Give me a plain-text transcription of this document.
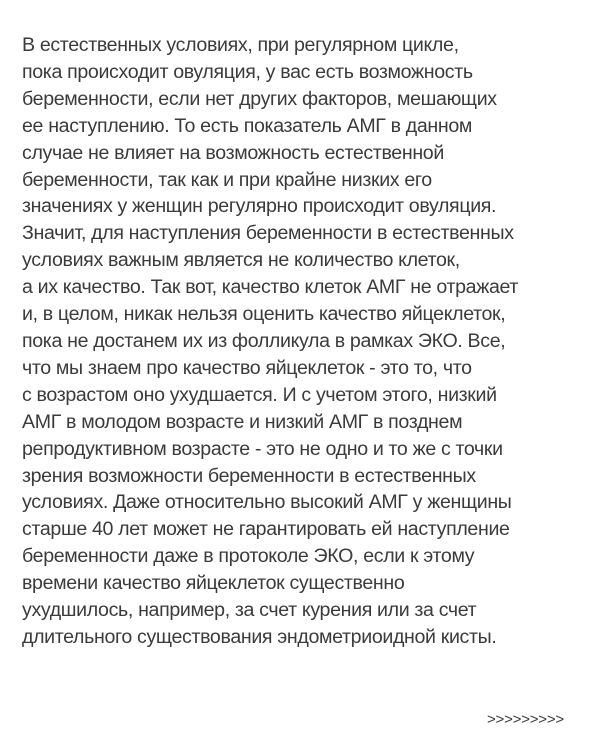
В естественных условиях, при регулярном цикле,
пока происходит овуляция, у вас есть возможность
беременности, если нет других факторов, мешающих
ее наступлению. То есть показатель АМГ в данном
случае не влияет на возможность естественной
беременности, так как и при крайне низких его
значениях у женщин регулярно происходит овуляция.
Значит, для наступления беременности в естественных
условиях важным является не количество клеток,
а их качество. Так вот, качество клеток АМГ не отражает
и, в целом, никак нельзя оценить качество яйцеклеток,
пока не достанем их из фолликула в рамках ЭКО. Все,
что мы знаем про качество яйцеклеток - это то, что
с возрастом оно ухудшается. И с учетом этого, низкий
АМГ в молодом возрасте и низкий АМГ в позднем
репродуктивном возрасте - это не одно и то же с точки
зрения возможности беременности в естественных
условиях. Даже относительно высокий АМГ у женщины
старше 40 лет может не гарантировать ей наступление
беременности даже в протоколе ЭКО, если к этому
времени качество яйцеклеток существенно
ухудшилось, например, за счет курения или за счет
длительного существования эндометриоидной кисты.
>>>>>>>>>
